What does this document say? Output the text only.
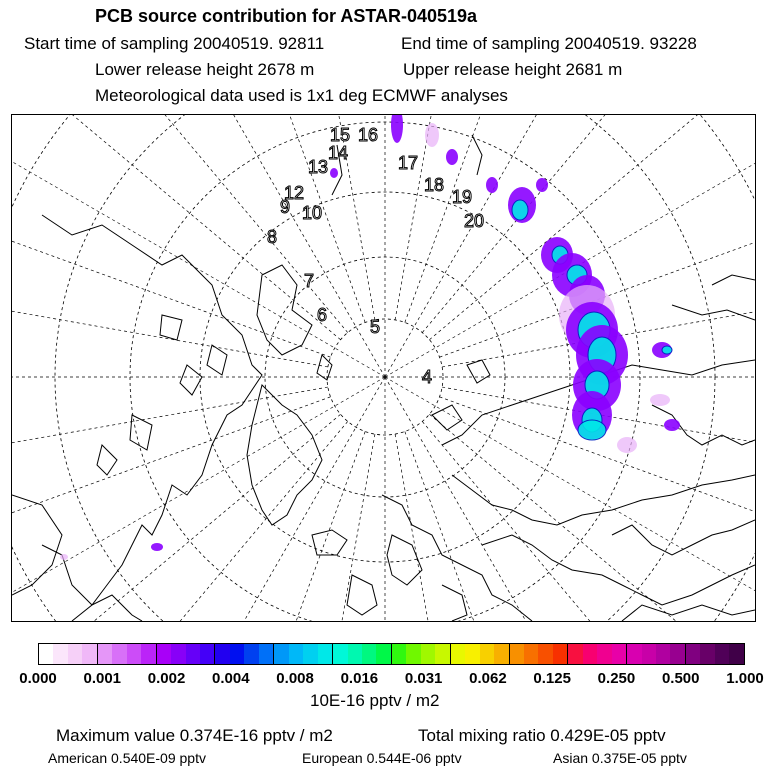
PCB source contribution for ASTAR-040519a
Start time of sampling 20040519. 92811	End time of sampling 20040519. 93228
Lower release height 2678 m	Upper release height 2681 m
Meteorological data used is 1x1 deg ECMWF analyses
4
5
6
7
8
9 10
12
13
14
15 16
17
18
19
20
0.000 0.001 0.002 0.004 0.008 0.016 0.031 0.062 0.125 0.250 0.500 1.000
10E-16 pptv / m2
Maximum value 0.374E-16 pptv / m2	Total mixing ratio 0.429E-05 pptv
American 0.540E-09 pptv	European 0.544E-06 pptv	Asian 0.375E-05 pptv
